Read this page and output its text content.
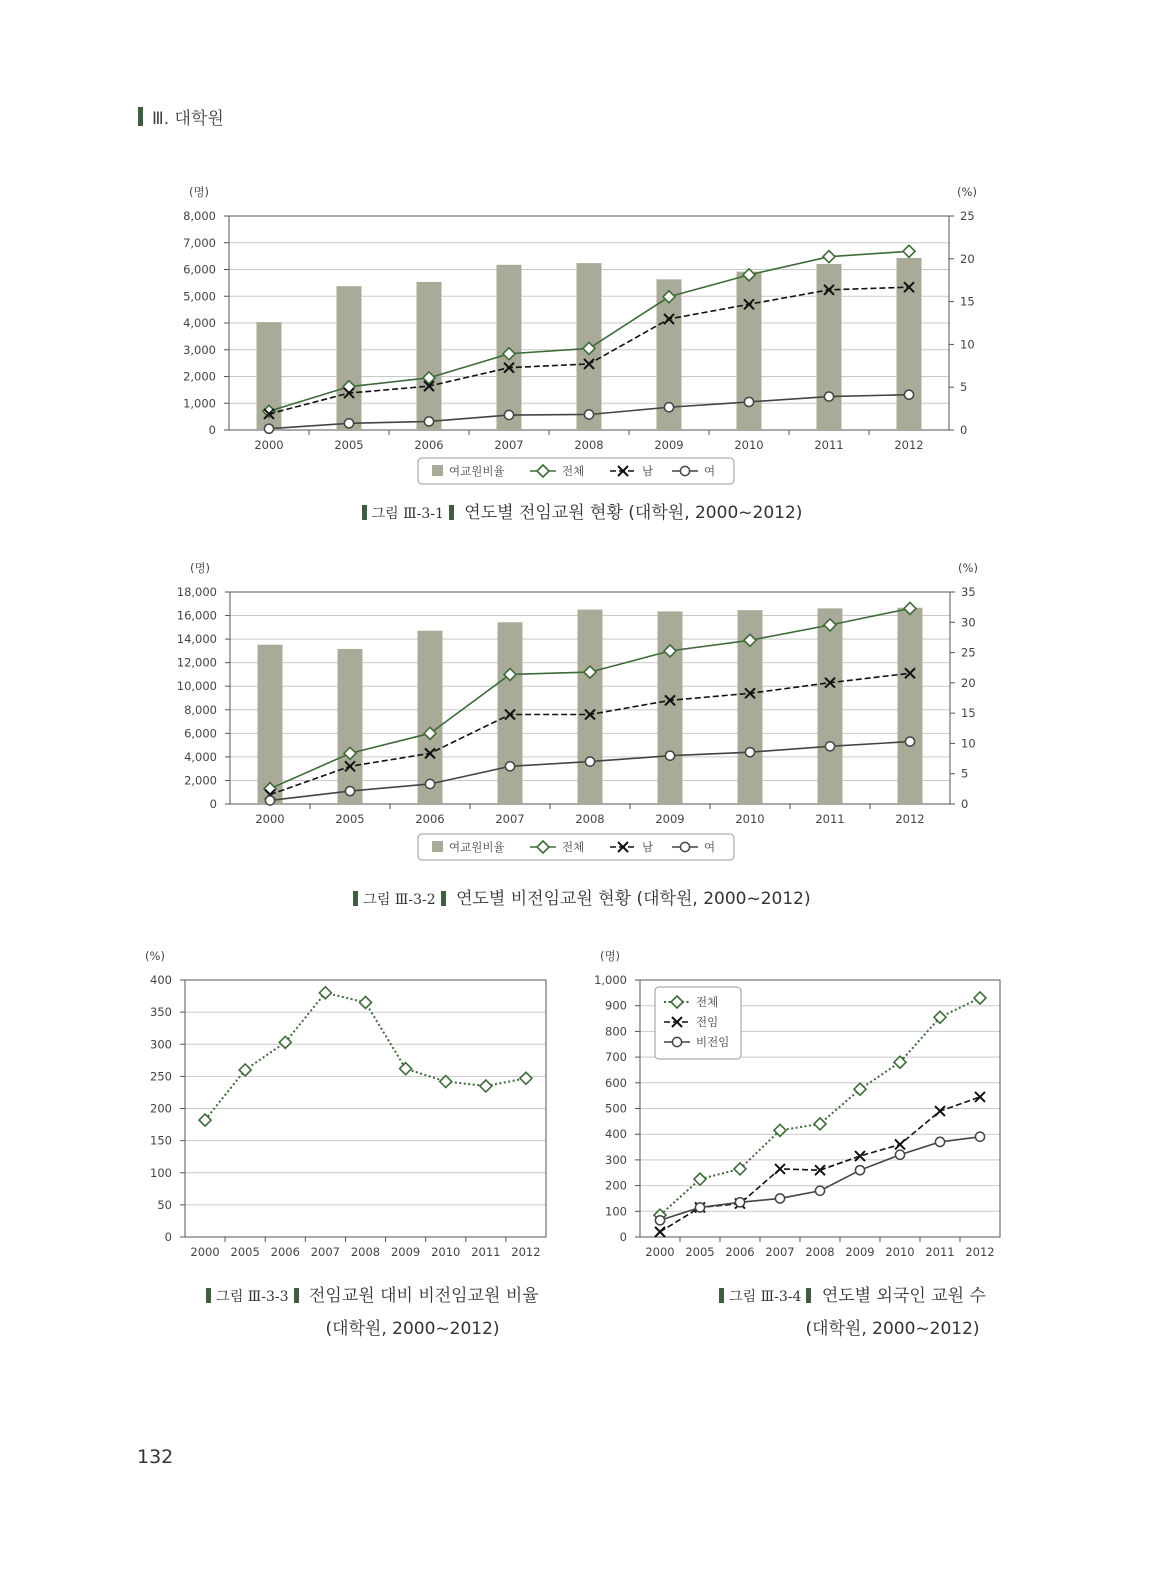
Ⅲ. 대학원
0
1,000
2,000
3,000
4,000
5,000
6,000
7,000
8,000
(명)
0
5
10
15
20
25
(%)
2000	2005	2006	2007	2008	2009	2010	2011	2012
여교원비율	전체	남	여
0
2,000
4,000
6,000
8,000
10,000
12,000
14,000
16,000
18,000
(명)
0
5
10
15
20
25
30
35
(%)
2000	2005	2006	2007	2008	2009	2010	2011	2012
여교원비율	전체	남	여
0
50
100
150
200
250
300
350
400
(%)
2000 2005 2006 2007 2008 2009 2010 2011 2012
0
100
200
300
400
500
600
700
800
900
1,000
(명)
2000 2005 2006 2007 2008 2009 2010 2011 2012
전체
전임
비전임
그림 Ⅲ-3-1 연도별 전임교원 현황 (대학원, 2000~2012)
그림 Ⅲ-3-2 연도별 비전임교원 현황 (대학원, 2000~2012)
그림 Ⅲ-3-3 전임교원 대비 비전임교원 비율
(대학원, 2000~2012)
그림 Ⅲ-3-4 연도별 외국인 교원 수
(대학원, 2000~2012)
132
